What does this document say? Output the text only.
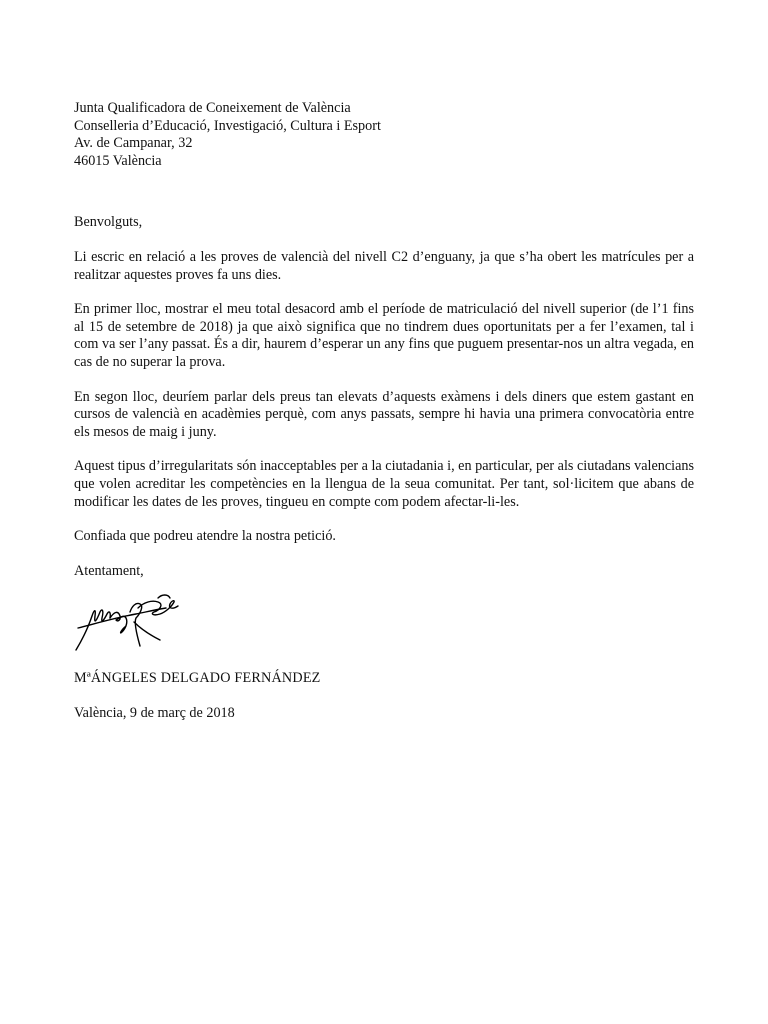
Junta Qualificadora de Coneixement de València
Conselleria d’Educació, Investigació, Cultura i Esport
Av. de Campanar, 32
46015 València
Benvolguts,
Li escric en relació a les proves de valencià del nivell C2 d’enguany, ja que s’ha obert les matrícules per a realitzar aquestes proves fa uns dies.
En primer lloc, mostrar el meu total desacord amb el període de matriculació del nivell superior (de l’1 fins al 15 de setembre de 2018) ja que això significa que no tindrem dues oportunitats per a fer l’examen, tal i com va ser l’any passat. És a dir, haurem d’esperar un any fins que puguem presentar-nos un altra vegada, en cas de no superar la prova.
En segon lloc, deuríem parlar dels preus tan elevats d’aquests exàmens i dels diners que estem gastant en cursos de valencià en acadèmies perquè, com anys passats, sempre hi havia una primera convocatòria entre els mesos de maig i juny.
Aquest tipus d’irregularitats són inacceptables per a la ciutadania i, en particular, per als ciutadans valencians que volen acreditar les competències en la llengua de la seua comunitat. Per tant, sol·licitem que abans de modificar les dates de les proves, tingueu en compte com podem afectar-li-les.
Confiada que podreu atendre la nostra petició.
Atentament,
MªÁNGELES DELGADO FERNÁNDEZ
València, 9 de març de 2018
